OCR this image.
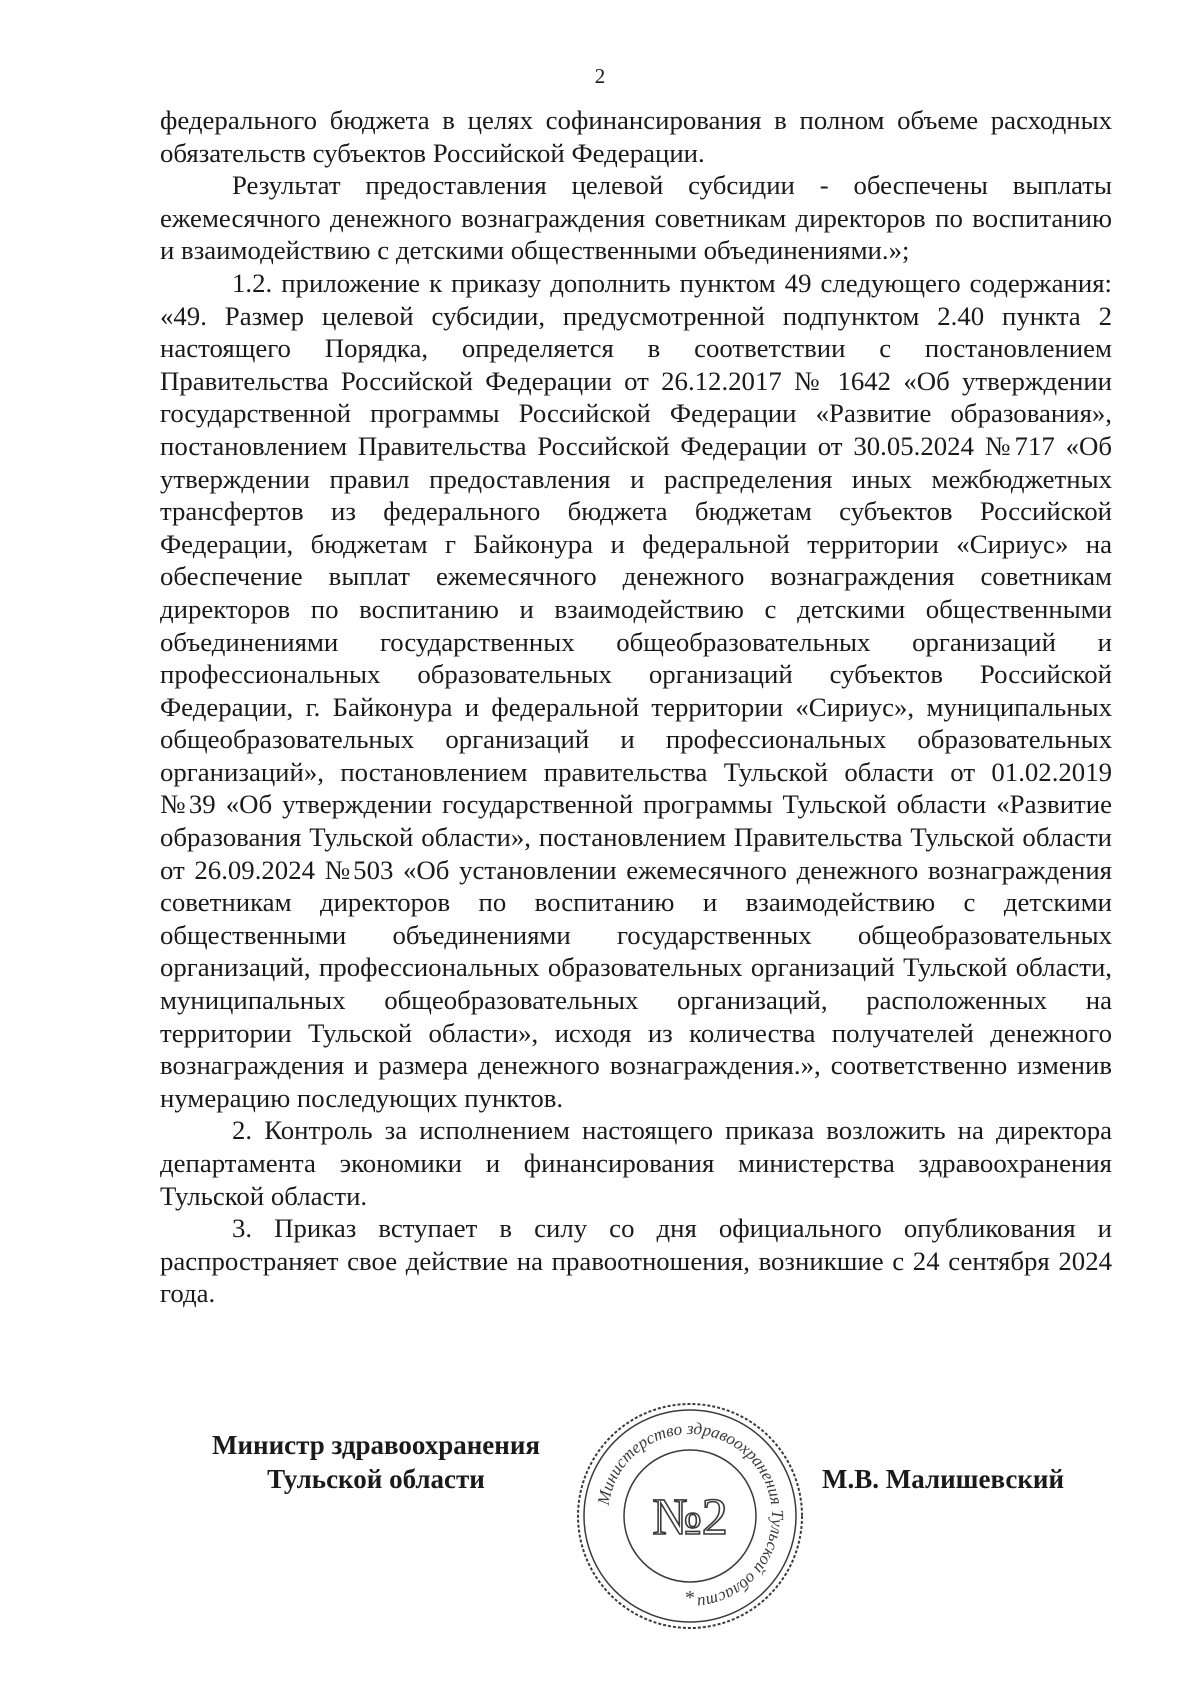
2

федерального бюджета в целях софинансирования в полном объеме расходных обязательств субъектов Российской Федерации.

Результат предоставления целевой субсидии - обеспечены выплаты ежемесячного денежного вознаграждения советникам директоров по воспитанию и взаимодействию с детскими общественными объединениями.»;

1.2. приложение к приказу дополнить пунктом 49 следующего содержания: «49. Размер целевой субсидии, предусмотренной подпунктом 2.40 пункта 2 настоящего Порядка, определяется в соответствии с постановлением Правительства Российской Федерации от 26.12.2017 № 1642 «Об утверждении государственной программы Российской Федерации «Развитие образования», постановлением Правительства Российской Федерации от 30.05.2024 №717 «Об утверждении правил предоставления и распределения иных межбюджетных трансфертов из федерального бюджета бюджетам субъектов Российской Федерации, бюджетам г Байконура и федеральной территории «Сириус» на обеспечение выплат ежемесячного денежного вознаграждения советникам директоров по воспитанию и взаимодействию с детскими общественными объединениями государственных общеобразовательных организаций и профессиональных образовательных организаций субъектов Российской Федерации, г. Байконура и федеральной территории «Сириус», муниципальных общеобразовательных организаций и профессиональных образовательных организаций», постановлением правительства Тульской области от 01.02.2019 №39 «Об утверждении государственной программы Тульской области «Развитие образования Тульской области», постановлением Правительства Тульской области от 26.09.2024 №503 «Об установлении ежемесячного денежного вознаграждения советникам директоров по воспитанию и взаимодействию с детскими общественными объединениями государственных общеобразовательных организаций, профессиональных образовательных организаций Тульской области, муниципальных общеобразовательных организаций, расположенных на территории Тульской области», исходя из количества получателей денежного вознаграждения и размера денежного вознаграждения.», соответственно изменив нумерацию последующих пунктов.

2. Контроль за исполнением настоящего приказа возложить на директора департамента экономики и финансирования министерства здравоохранения Тульской области.

3. Приказ вступает в силу со дня официального опубликования и распространяет свое действие на правоотношения, возникшие с 24 сентября 2024 года.

Министр здравоохранения
Тульской области
Министерство здравоохранения Тульской области
№2
*
М.В. Малишевский
